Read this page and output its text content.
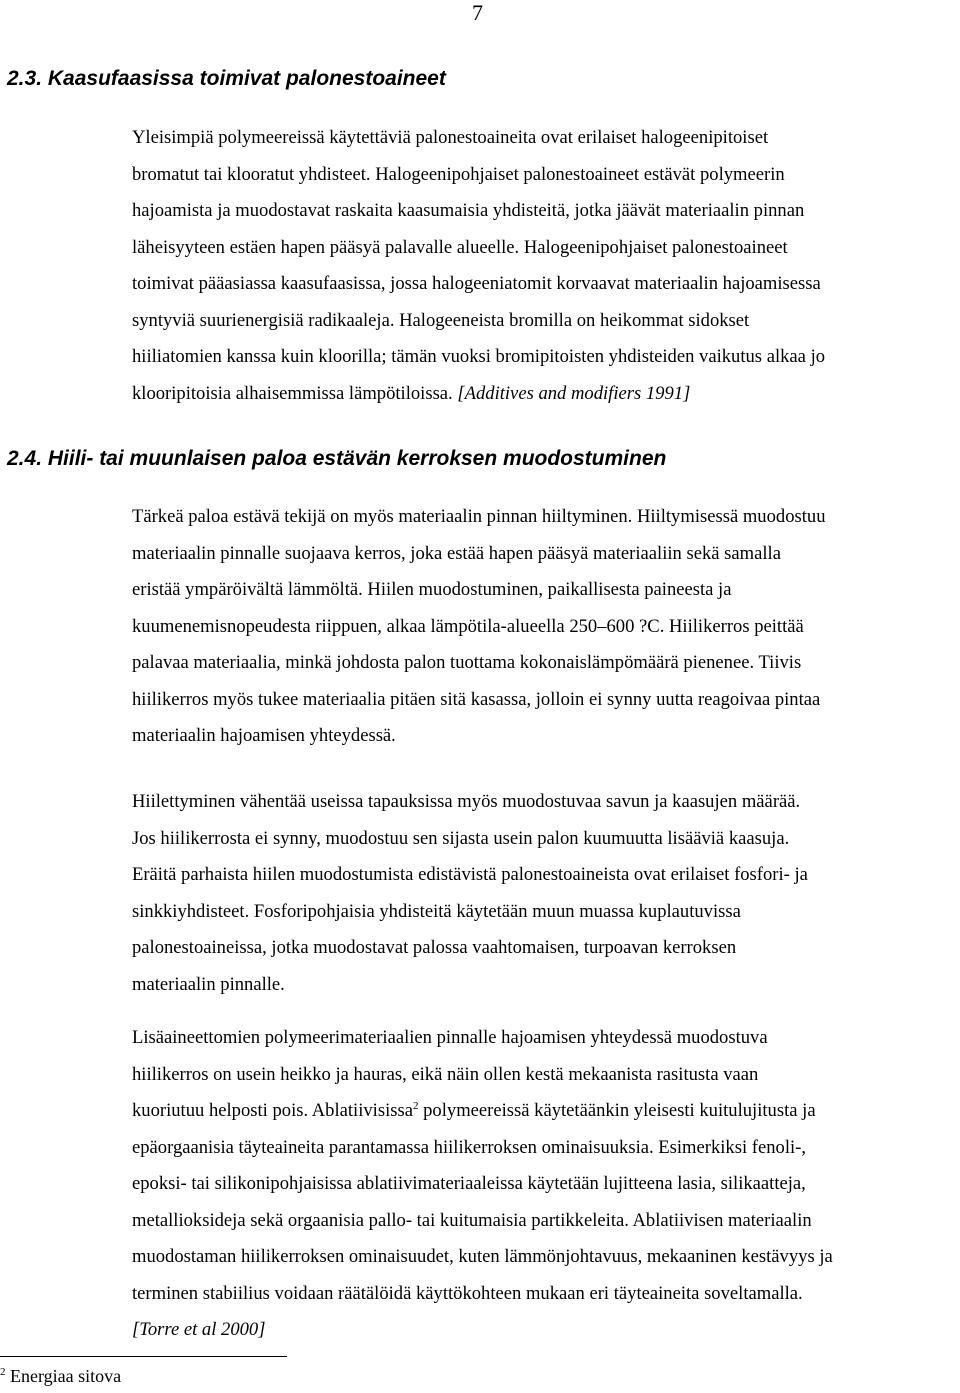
7
2.3. Kaasufaasissa toimivat palonestoaineet
Yleisimpiä polymeereissä käytettäviä palonestoaineita ovat erilaiset halogeenipitoiset
bromatut tai klooratut yhdisteet. Halogeenipohjaiset palonestoaineet estävät polymeerin
hajoamista ja muodostavat raskaita kaasumaisia yhdisteitä, jotka jäävät materiaalin pinnan
läheisyyteen estäen hapen pääsyä palavalle alueelle. Halogeenipohjaiset palonestoaineet
toimivat pääasiassa kaasufaasissa, jossa halogeeniatomit korvaavat materiaalin hajoamisessa
syntyviä suurienergisiä radikaaleja. Halogeeneista bromilla on heikommat sidokset
hiiliatomien kanssa kuin kloorilla; tämän vuoksi bromipitoisten yhdisteiden vaikutus alkaa jo
klooripitoisia alhaisemmissa lämpötiloissa. [Additives and modifiers 1991]
2.4. Hiili- tai muunlaisen paloa estävän kerroksen muodostuminen
Tärkeä paloa estävä tekijä on myös materiaalin pinnan hiiltyminen. Hiiltymisessä muodostuu
materiaalin pinnalle suojaava kerros, joka estää hapen pääsyä materiaaliin sekä samalla
eristää ympäröivältä lämmöltä. Hiilen muodostuminen, paikallisesta paineesta ja
kuumenemisnopeudesta riippuen, alkaa lämpötila-alueella 250–600 ?C. Hiilikerros peittää
palavaa materiaalia, minkä johdosta palon tuottama kokonaislämpömäärä pienenee. Tiivis
hiilikerros myös tukee materiaalia pitäen sitä kasassa, jolloin ei synny uutta reagoivaa pintaa
materiaalin hajoamisen yhteydessä.
Hiilettyminen vähentää useissa tapauksissa myös muodostuvaa savun ja kaasujen määrää.
Jos hiilikerrosta ei synny, muodostuu sen sijasta usein palon kuumuutta lisääviä kaasuja.
Eräitä parhaista hiilen muodostumista edistävistä palonestoaineista ovat erilaiset fosfori- ja
sinkkiyhdisteet. Fosforipohjaisia yhdisteitä käytetään muun muassa kuplautuvissa
palonestoaineissa, jotka muodostavat palossa vaahtomaisen, turpoavan kerroksen
materiaalin pinnalle.
Lisäaineettomien polymeerimateriaalien pinnalle hajoamisen yhteydessä muodostuva
hiilikerros on usein heikko ja hauras, eikä näin ollen kestä mekaanista rasitusta vaan
kuoriutuu helposti pois. Ablatiivisissa$^2$ polymeereissä käytetäänkin yleisesti kuitulujitusta ja
epäorgaanisia täyteaineita parantamassa hiilikerroksen ominaisuuksia. Esimerkiksi fenoli-,
epoksi- tai silikonipohjaisissa ablatiivimateriaaleissa käytetään lujitteena lasia, silikaatteja,
metallioksideja sekä orgaanisia pallo- tai kuitumaisia partikkeleita. Ablatiivisen materiaalin
muodostaman hiilikerroksen ominaisuudet, kuten lämmönjohtavuus, mekaaninen kestävyys ja
terminen stabiilius voidaan räätälöidä käyttökohteen mukaan eri täyteaineita soveltamalla.
[Torre et al 2000]
$^2$ Energiaa sitova
